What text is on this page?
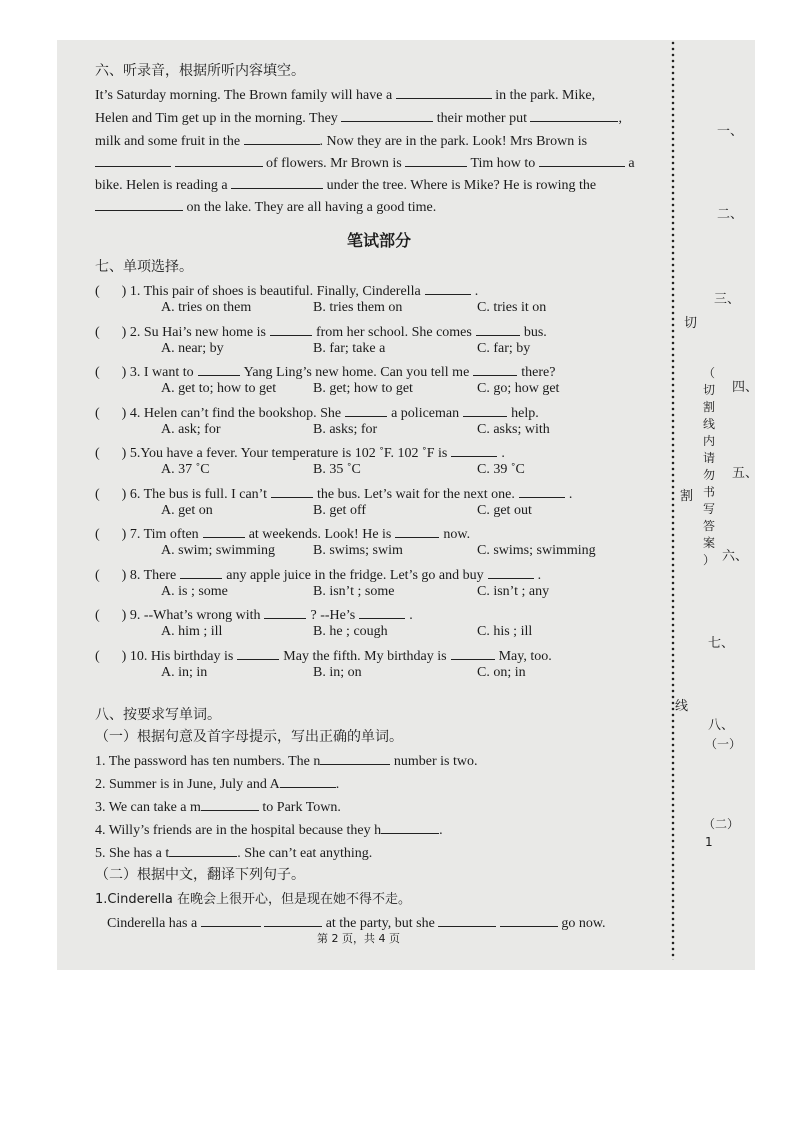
六、听录音，根据所听内容填空。
It’s Saturday morning. The Brown family will have a	in the park. Mike,
Helen and Tim get up in the morning. They	their mother put	,
milk and some fruit in the	. Now they are in the park. Look! Mrs Brown is
of flowers. Mr Brown is	Tim how to	a
bike. Helen is reading a	under the tree. Where is Mike? He is rowing the
on the lake. They are all having a good time.
笔试部分
七、单项选择。
( ) 1. This pair of shoes is beautiful. Finally, Cinderella	.
A. tries on them	B. tries them on	C. tries it on
( ) 2. Su Hai’s new home is	from her school. She comes	bus.
A. near; by	B. far; take a	C. far; by
( ) 3. I want to	Yang Ling’s new home. Can you tell me	there?
A. get to; how to get	B. get; how to get	C. go; how get
( ) 4. Helen can’t find the bookshop. She	a policeman	help.
A. ask; for	B. asks; for	C. asks; with
( ) 5.You have a fever. Your temperature is 102 ˚F. 102 ˚F is	.
A. 37 ˚C	B. 35 ˚C	C. 39 ˚C
( ) 6. The bus is full. I can’t	the bus. Let’s wait for the next one.	.
A. get on	B. get off	C. get out
( ) 7. Tim often	at weekends. Look! He is	now.
A. swim; swimming	B. swims; swim	C. swims; swimming
( ) 8. There	any apple juice in the fridge. Let’s go and buy	.
A. is ; some	B. isn’t ; some	C. isn’t ; any
( ) 9. --What’s wrong with	? --He’s	.
A. him ; ill	B. he ; cough	C. his ; ill
( ) 10. His birthday is	May the fifth. My birthday is	May, too.
A. in; in	B. in; on	C. on; in
八、按要求写单词。
（一）根据句意及首字母提示，写出正确的单词。
1. The password has ten numbers. The n	number is two.
2. Summer is in June, July and A	.
3. We can take a m	to Park Town.
4. Willy’s friends are in the hospital because they h	.
5. She has a t	. She can’t eat anything.
（二）根据中文，翻译下列句子。
1.Cinderella 在晚会上很开心，但是现在她不得不走。
Cinderella has a	at the party, but she	go now.
第 2 页，共 4 页
一、
二、
三、
四、
五、
六、
七、
八、
（一）
（二）
1
切
（
切
割
线
内
请
勿
书
写
答
案
）
割
线
